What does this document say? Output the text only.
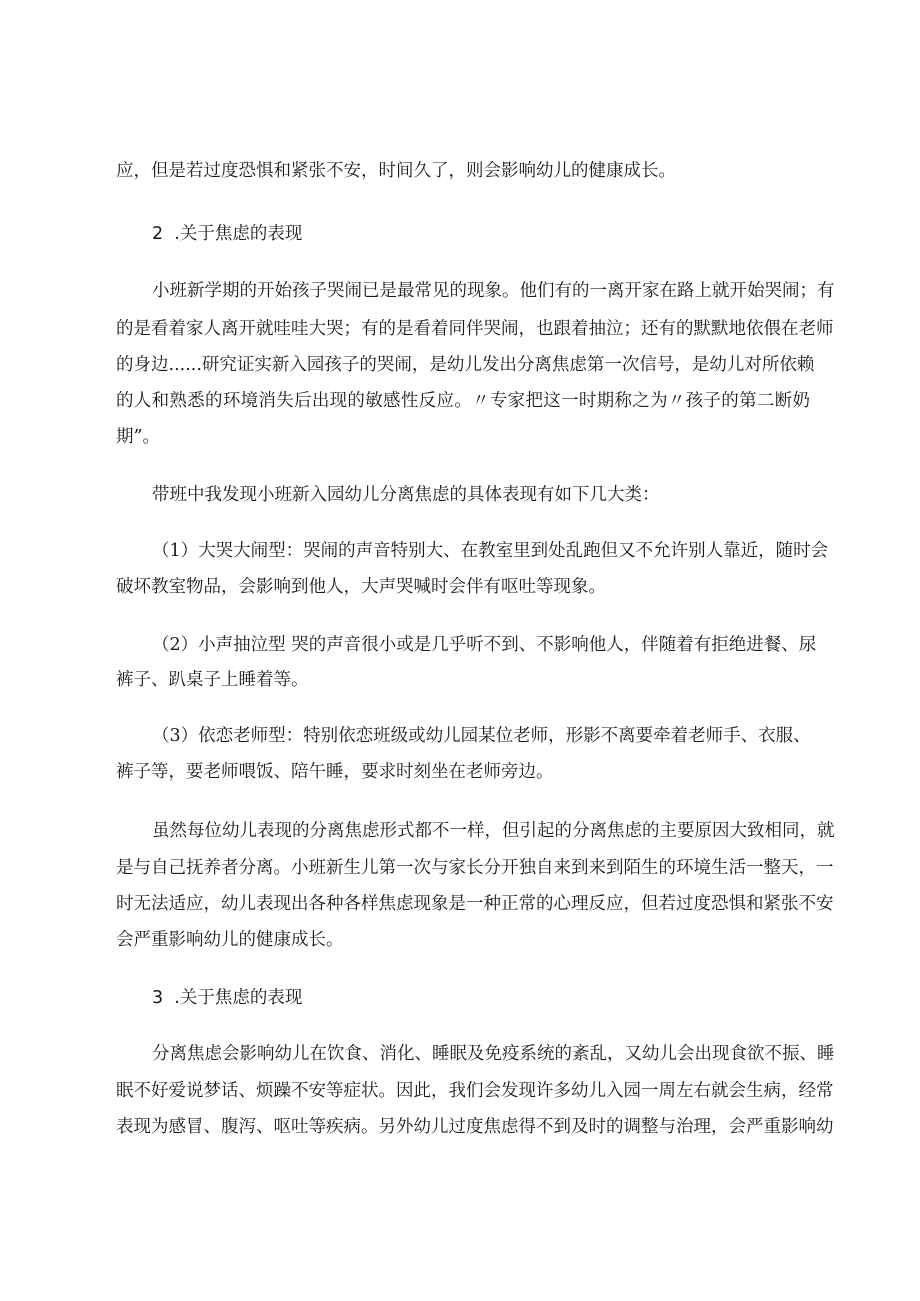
应，但是若过度恐惧和紧张不安，时间久了，则会影响幼儿的健康成长。
2  .关于焦虑的表现
小班新学期的开始孩子哭闹已是最常见的现象。他们有的一离开家在路上就开始哭闹；有
的是看着家人离开就哇哇大哭；有的是看着同伴哭闹，也跟着抽泣；还有的默默地依偎在老师
的身边......研究证实新入园孩子的哭闹，是幼儿发出分离焦虑第一次信号，是幼儿对所依赖
的人和熟悉的环境消失后出现的敏感性反应。〃专家把这一时期称之为〃孩子的第二断奶
期”。
带班中我发现小班新入园幼儿分离焦虑的具体表现有如下几大类：
（1）大哭大闹型：哭闹的声音特别大、在教室里到处乱跑但又不允许别人靠近，随时会
破坏教室物品，会影响到他人，大声哭喊时会伴有呕吐等现象。
（2）小声抽泣型 哭的声音很小或是几乎听不到、不影响他人，伴随着有拒绝进餐、尿
裤子、趴桌子上睡着等。
（3）依恋老师型：特别依恋班级或幼儿园某位老师，形影不离要牵着老师手、衣服、
裤子等，要老师喂饭、陪午睡，要求时刻坐在老师旁边。
虽然每位幼儿表现的分离焦虑形式都不一样，但引起的分离焦虑的主要原因大致相同，就
是与自己抚养者分离。小班新生儿第一次与家长分开独自来到来到陌生的环境生活一整天，一
时无法适应，幼儿表现出各种各样焦虑现象是一种正常的心理反应，但若过度恐惧和紧张不安
会严重影响幼儿的健康成长。
3  .关于焦虑的表现
分离焦虑会影响幼儿在饮食、消化、睡眠及免疫系统的紊乱，又幼儿会出现食欲不振、睡
眠不好爱说梦话、烦躁不安等症状。因此，我们会发现许多幼儿入园一周左右就会生病，经常
表现为感冒、腹泻、呕吐等疾病。另外幼儿过度焦虑得不到及时的调整与治理，会严重影响幼
